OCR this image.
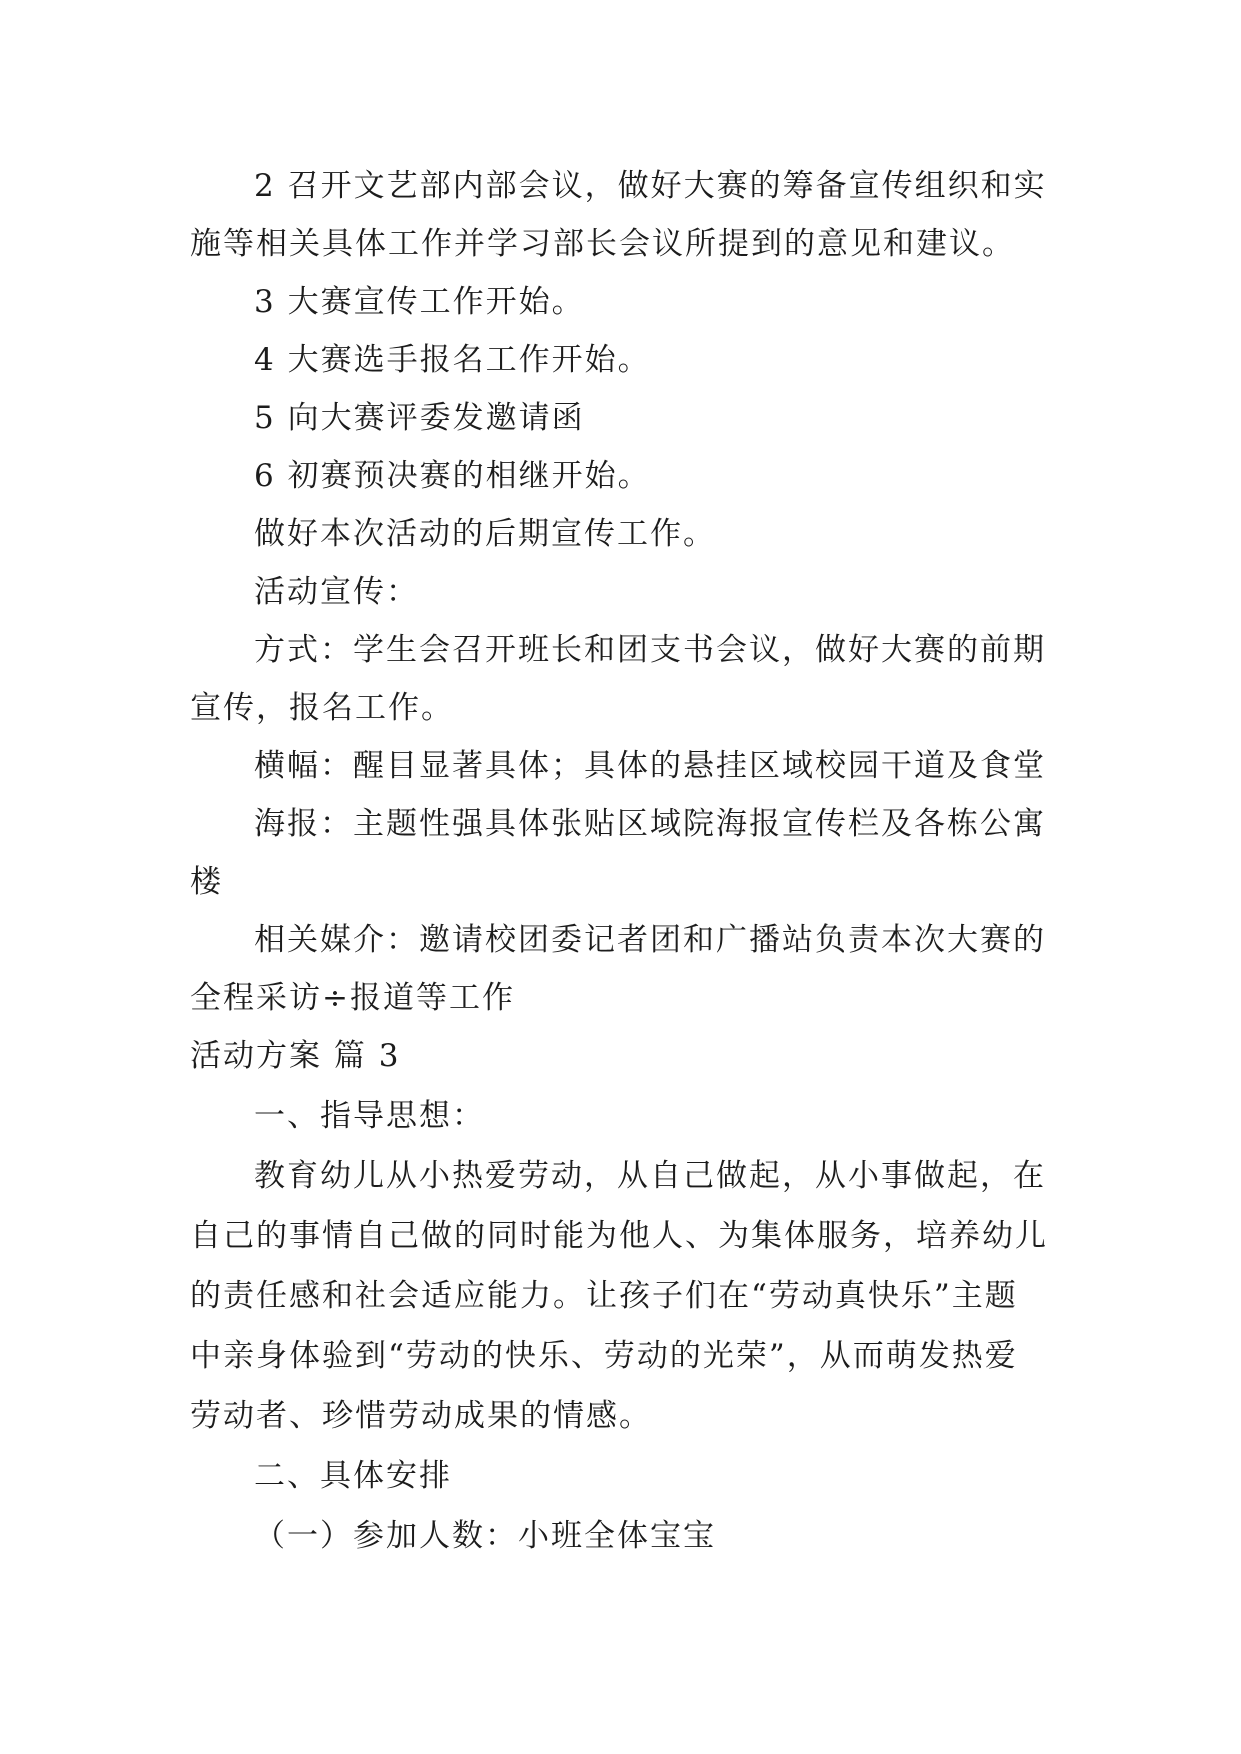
2 召开文艺部内部会议，做好大赛的筹备宣传组织和实
施等相关具体工作并学习部长会议所提到的意见和建议。
3 大赛宣传工作开始。
4 大赛选手报名工作开始。
5 向大赛评委发邀请函
6 初赛预决赛的相继开始。
做好本次活动的后期宣传工作。
活动宣传：
方式：学生会召开班长和团支书会议，做好大赛的前期
宣传，报名工作。
横幅：醒目显著具体；具体的悬挂区域校园干道及食堂
海报：主题性强具体张贴区域院海报宣传栏及各栋公寓
楼
相关媒介：邀请校团委记者团和广播站负责本次大赛的
全程采访÷报道等工作
活动方案 篇 3
一、指导思想：
教育幼儿从小热爱劳动，从自己做起，从小事做起，在
自己的事情自己做的同时能为他人、为集体服务，培养幼儿
的责任感和社会适应能力。让孩子们在“劳动真快乐”主题
中亲身体验到“劳动的快乐、劳动的光荣”，从而萌发热爱
劳动者、珍惜劳动成果的情感。
二、具体安排
（一）参加人数：小班全体宝宝
